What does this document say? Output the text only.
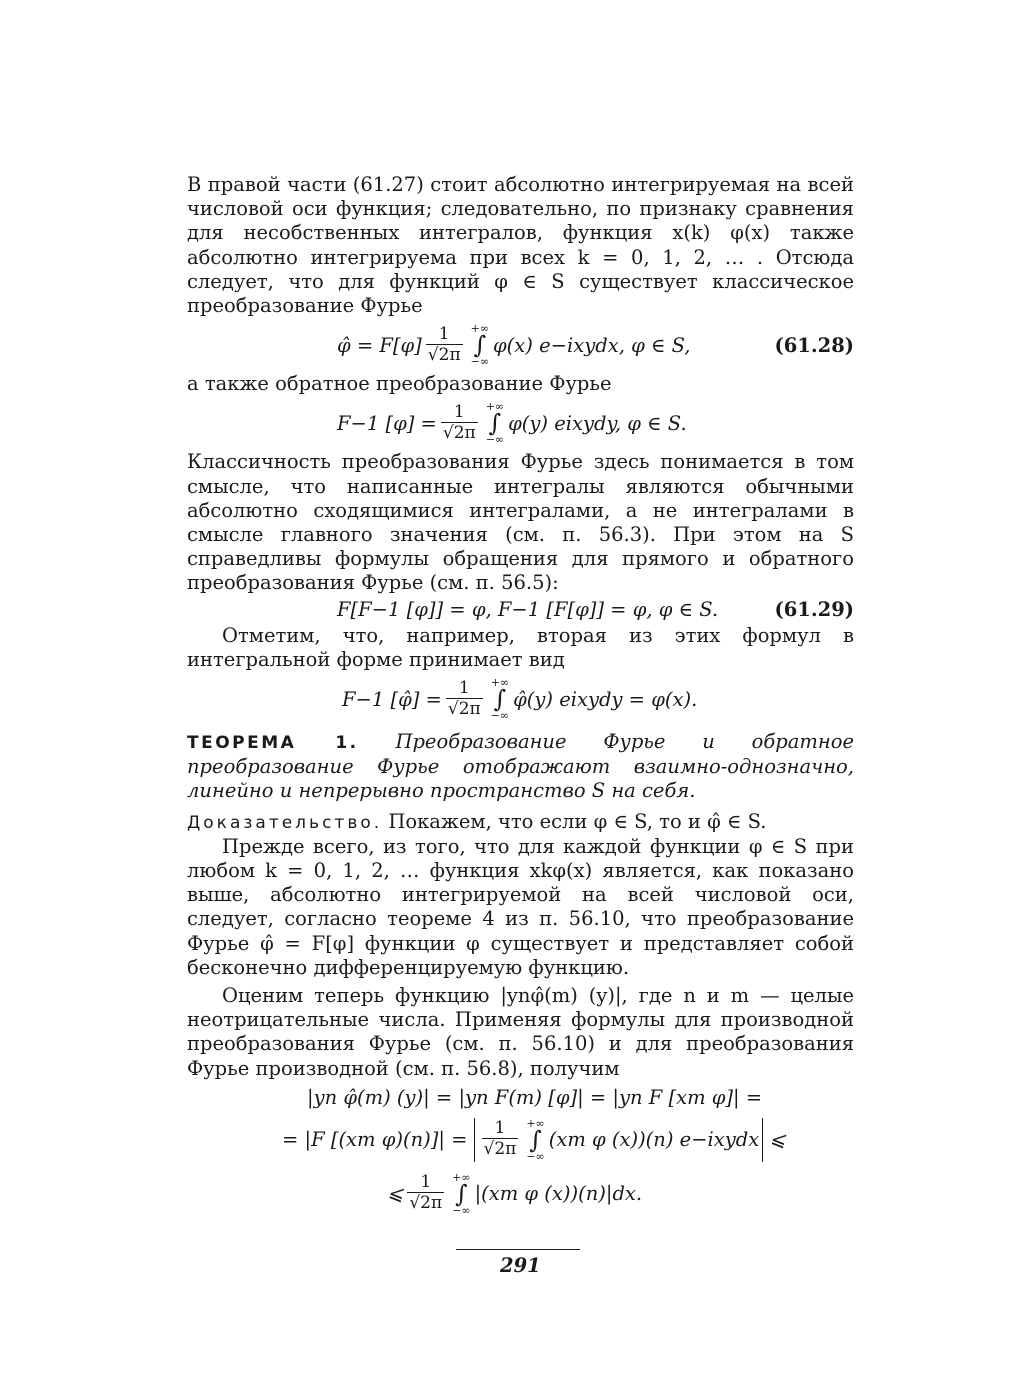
В правой части (61.27) стоит абсолютно интегрируемая на всей числовой оси функция; следовательно, по признаку сравнения для несобственных интегралов, функция x(k) φ(x) также абсолютно интегрируема при всех k = 0, 1, 2, … . Отсюда следует, что для функций φ ∈ S существует классическое преобразование Фурье

φ̂ = $F[\varphi] \frac{1}{√2\pi}$ +∞
∫
−∞
φ(x) e−ixydx, φ ∈ S,	(61.28)

а также обратное преобразование Фурье

F−1 $[\varphi] = \frac{1}{√2\pi}$ +∞
∫
−∞
φ(y) eixydy, φ ∈ S.

Классичность преобразования Фурье здесь понимается в том смысле, что написанные интегралы являются обычными абсолютно сходящимися интегралами, а не интегралами в смысле главного значения (см. п. 56.3). При этом на S справедливы формулы обращения для прямого и обратного преобразования Фурье (см. п. 56.5):

F[F−1 [φ]] = φ, F−1 [F[φ]] = φ, φ ∈ S.	(61.29)

Отметим, что, например, вторая из этих формул в интегральной форме принимает вид

F−1 [φ̂] = $\frac{1}{√2\pi}$ +∞
∫
−∞
φ̂(y) eixydy = φ(x).

ТЕОРЕМА 1. Преобразование Фурье и обратное преобразование Фурье отображают взаимно-однозначно, линейно и непрерывно пространство S на себя.

Доказательство. Покажем, что если φ ∈ S, то и φ̂ ∈ S.

Прежде всего, из того, что для каждой функции φ ∈ S при любом k = 0, 1, 2, … функция xkφ(x) является, как показано выше, абсолютно интегрируемой на всей числовой оси, следует, согласно теореме 4 из п. 56.10, что преобразование Фурье φ̂ = F[φ] функции φ существует и представляет собой бесконечно дифференцируемую функцию.

Оценим теперь функцию |ynφ̂(m) (y)|, где n и m — целые неотрицательные числа. Применяя формулы для производной преобразования Фурье (см. п. 56.10) и для преобразования Фурье производной (см. п. 56.8), получим

|yn φ̂(m) (y)| = |yn F(m) [φ]| = |yn F [xm φ]| =
= |F [(xm $\varphi)(n)]| = \frac{1}{√2\pi}$ +∞
∫
−∞
(xm φ (x))(n) e−ixydx ⩽
⩽ $\frac{1}{√2\pi}$ +∞
∫
−∞
|(xm φ (x))(n)|dx.
291
